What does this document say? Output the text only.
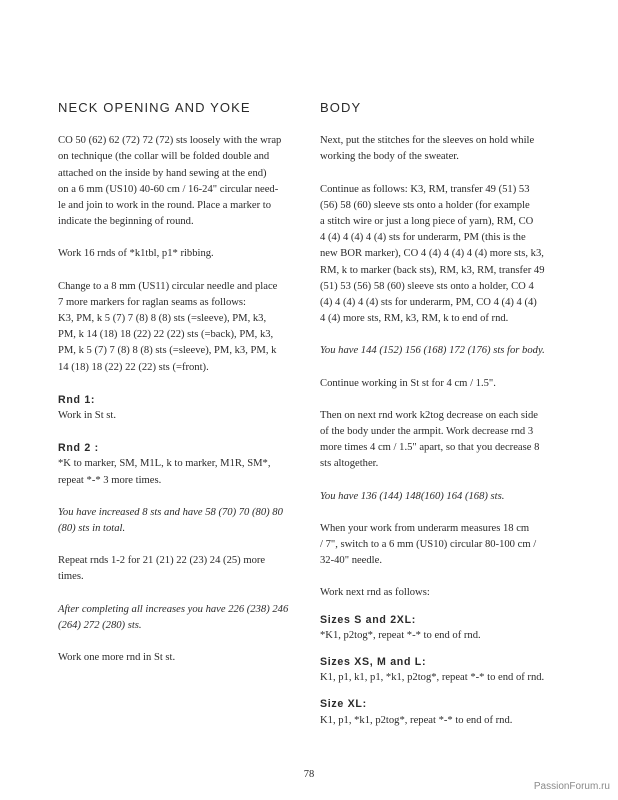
NECK OPENING AND YOKE

CO 50 (62) 62 (72) 72 (72) sts loosely with the wrap
on technique (the collar will be folded double and
attached on the inside by hand sewing at the end)
on a 6 mm (US10) 40-60 cm / 16-24" circular need-
le and join to work in the round. Place a marker to
indicate the beginning of round.

Work 16 rnds of *k1tbl, p1* ribbing.

Change to a 8 mm (US11) circular needle and place
7 more markers for raglan seams as follows:
K3, PM, k 5 (7) 7 (8) 8 (8) sts (=sleeve), PM, k3,
PM, k 14 (18) 18 (22) 22 (22) sts (=back), PM, k3,
PM, k 5 (7) 7 (8) 8 (8) sts (=sleeve), PM, k3, PM, k
14 (18) 18 (22) 22 (22) sts (=front).

Rnd 1:

Work in St st.

Rnd 2 :

*K to marker, SM, M1L, k to marker, M1R, SM*,
repeat *-* 3 more times.

You have increased 8 sts and have 58 (70) 70 (80) 80
(80) sts in total.

Repeat rnds 1-2 for 21 (21) 22 (23) 24 (25) more
times.

After completing all increases you have 226 (238) 246
(264) 272 (280) sts.

Work one more rnd in St st.

BODY

Next, put the stitches for the sleeves on hold while
working the body of the sweater.

Continue as follows: K3, RM, transfer 49 (51) 53
(56) 58 (60) sleeve sts onto a holder (for example
a stitch wire or just a long piece of yarn), RM, CO
4 (4) 4 (4) 4 (4) sts for underarm, PM (this is the
new BOR marker), CO 4 (4) 4 (4) 4 (4) more sts, k3,
RM, k to marker (back sts), RM, k3, RM, transfer 49
(51) 53 (56) 58 (60) sleeve sts onto a holder, CO 4
(4) 4 (4) 4 (4) sts for underarm, PM, CO 4 (4) 4 (4)
4 (4) more sts, RM, k3, RM, k to end of rnd.

You have 144 (152) 156 (168) 172 (176) sts for body.

Continue working in St st for 4 cm / 1.5".

Then on next rnd work k2tog decrease on each side
of the body under the armpit. Work decrease rnd 3
more times 4 cm / 1.5" apart, so that you decrease 8
sts altogether.

You have 136 (144) 148(160) 164 (168) sts.

When your work from underarm measures 18 cm
/ 7", switch to a 6 mm (US10) circular 80-100 cm /
32-40" needle.

Work next rnd as follows:

Sizes S and 2XL:

*K1, p2tog*, repeat *-* to end of rnd.

Sizes XS, M and L:

K1, p1, k1, p1, *k1, p2tog*, repeat *-* to end of rnd.

Size XL:

K1, p1, *k1, p2tog*, repeat *-* to end of rnd.

78
PassionForum.ru
